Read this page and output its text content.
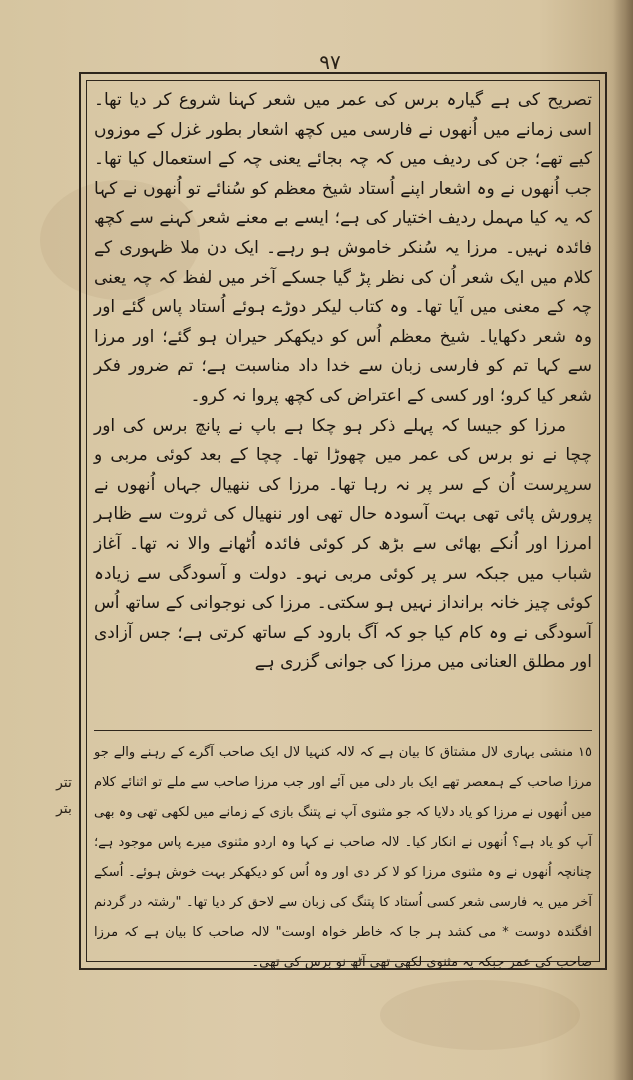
۹۷

تصریح کی ہے گیارہ برس کی عمر میں شعر کہنا شروع کر دیا تھا۔ اسی زمانے میں اُنھوں نے فارسی میں کچھ اشعار بطور غزل کے موزوں کیے تھے؛ جن کی ردیف میں کہ چہ بجائے یعنی چہ کے استعمال کیا تھا۔ جب اُنھوں نے وہ اشعار اپنے اُستاد شیخ معظم کو سُنائے تو اُنھوں نے کہا کہ یہ کیا مہمل ردیف اختیار کی ہے؛ ایسے بے معنے شعر کہنے سے کچھ فائدہ نہیں۔ مرزا یہ سُنکر خاموش ہو رہے۔ ایک دن ملا ظہوری کے کلام میں ایک شعر اُن کی نظر پڑ گیا جسکے آخر میں لفظ کہ چہ یعنی چہ کے معنی میں آیا تھا۔ وہ کتاب لیکر دوڑے ہوئے اُستاد پاس گئے اور وہ شعر دکھایا۔ شیخ معظم اُس کو دیکھکر حیران ہو گئے؛ اور مرزا سے کہا تم کو فارسی زبان سے خدا داد مناسبت ہے؛ تم ضرور فکر شعر کیا کرو؛ اور کسی کے اعتراض کی کچھ پروا نہ کرو۔

مرزا کو جیسا کہ پہلے ذکر ہو چکا ہے باپ نے پانچ برس کی اور چچا نے نو برس کی عمر میں چھوڑا تھا۔ چچا کے بعد کوئی مربی و سرپرست اُن کے سر پر نہ رہا تھا۔ مرزا کی ننھیال جہاں اُنھوں نے پرورش پائی تھی بہت آسودہ حال تھی اور ننھیال کی ثروت سے ظاہر امرزا اور اُنکے بھائی سے بڑھ کر کوئی فائدہ اُٹھانے والا نہ تھا۔ آغاز شباب میں جبکہ سر پر کوئی مربی نہو۔ دولت و آسودگی سے زیادہ کوئی چیز خانہ برانداز نہیں ہو سکتی۔ مرزا کی نوجوانی کے ساتھ اُس آسودگی نے وہ کام کیا جو کہ آگ بارود کے ساتھ کرتی ہے؛ جس آزادی اور مطلق العنانی میں مرزا کی جوانی گزری ہے

١٥ منشی بہاری لال مشتاق کا بیان ہے کہ لالہ کنہیا لال ایک صاحب آگرے کے رہنے والے جو مرزا صاحب کے ہمعصر تھے ایک بار دلی میں آئے اور جب مرزا صاحب سے ملے تو اثنائے کلام میں اُنھوں نے مرزا کو یاد دلایا کہ جو مثنوی آپ نے پتنگ بازی کے زمانے میں لکھی تھی وہ بھی آپ کو یاد ہے؟ اُنھوں نے انکار کیا۔ لالہ صاحب نے کہا وہ اردو مثنوی میرے پاس موجود ہے؛ چنانچہ اُنھوں نے وہ مثنوی مرزا کو لا کر دی اور وہ اُس کو دیکھکر بہت خوش ہوئے۔ اُسکے آخر میں یہ فارسی شعر کسی اُستاد کا پتنگ کی زبان سے لاحق کر دیا تھا۔ "رشتہ در گردنم افگندہ دوست * می کشد ہر جا کہ خاطر خواہ اوست" لالہ صاحب کا بیان ہے کہ مرزا صاحب کی عمر جبکہ یہ مثنوی لکھی تھی آٹھ نو برس کی تھی۔

تتر بتر
